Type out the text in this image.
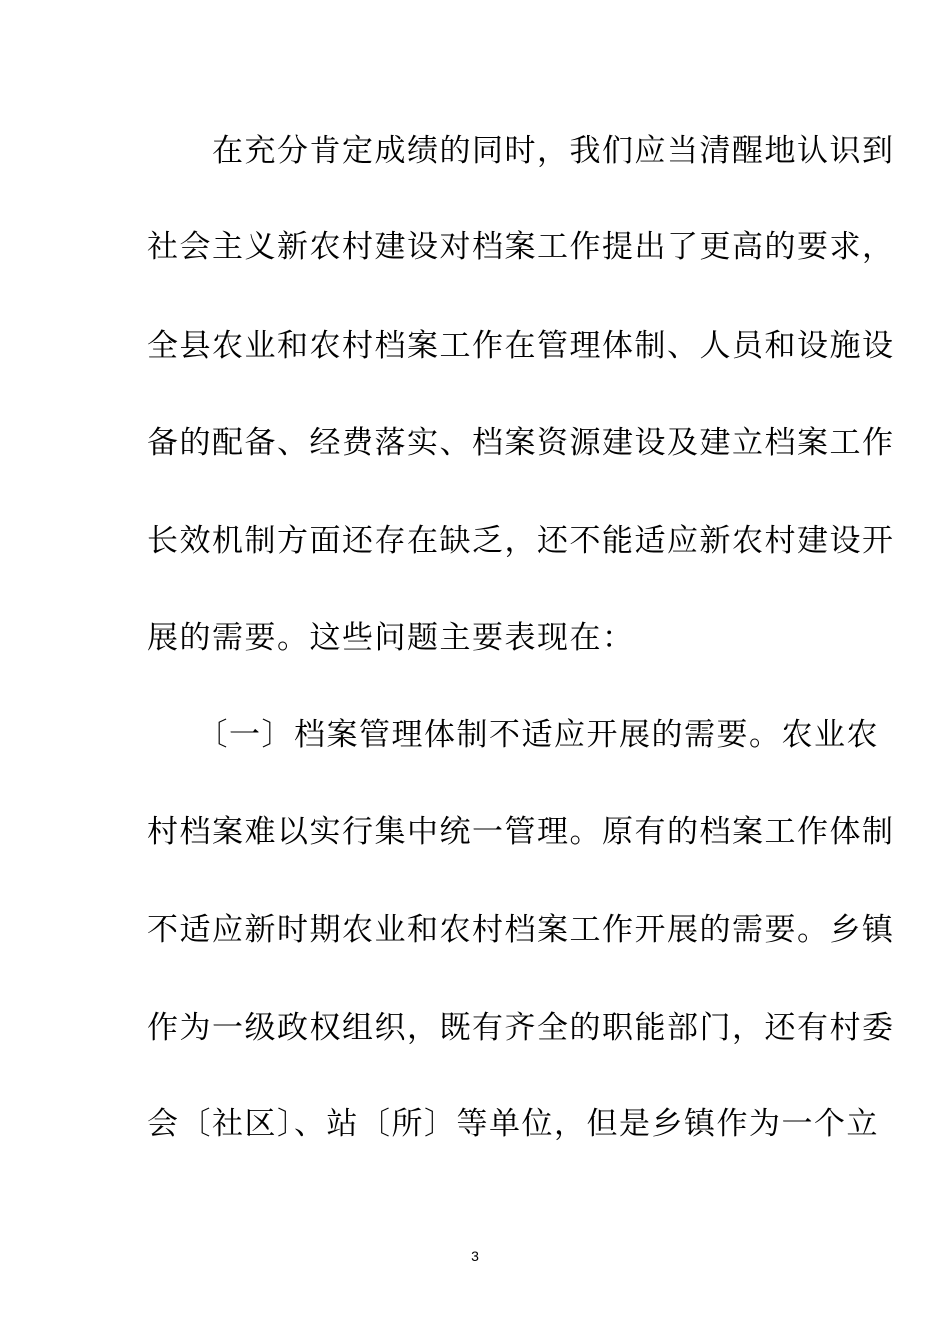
　　在充分肯定成绩的同时，我们应当清醒地认识到
社会主义新农村建设对档案工作提出了更高的要求，
全县农业和农村档案工作在管理体制、人员和设施设
备的配备、经费落实、档案资源建设及建立档案工作
长效机制方面还存在缺乏，还不能适应新农村建设开
展的需要。这些问题主要表现在：
　　〔一〕档案管理体制不适应开展的需要。农业农
村档案难以实行集中统一管理。原有的档案工作体制
不适应新时期农业和农村档案工作开展的需要。乡镇
作为一级政权组织，既有齐全的职能部门，还有村委
会〔社区〕、站〔所〕等单位，但是乡镇作为一个立
3
